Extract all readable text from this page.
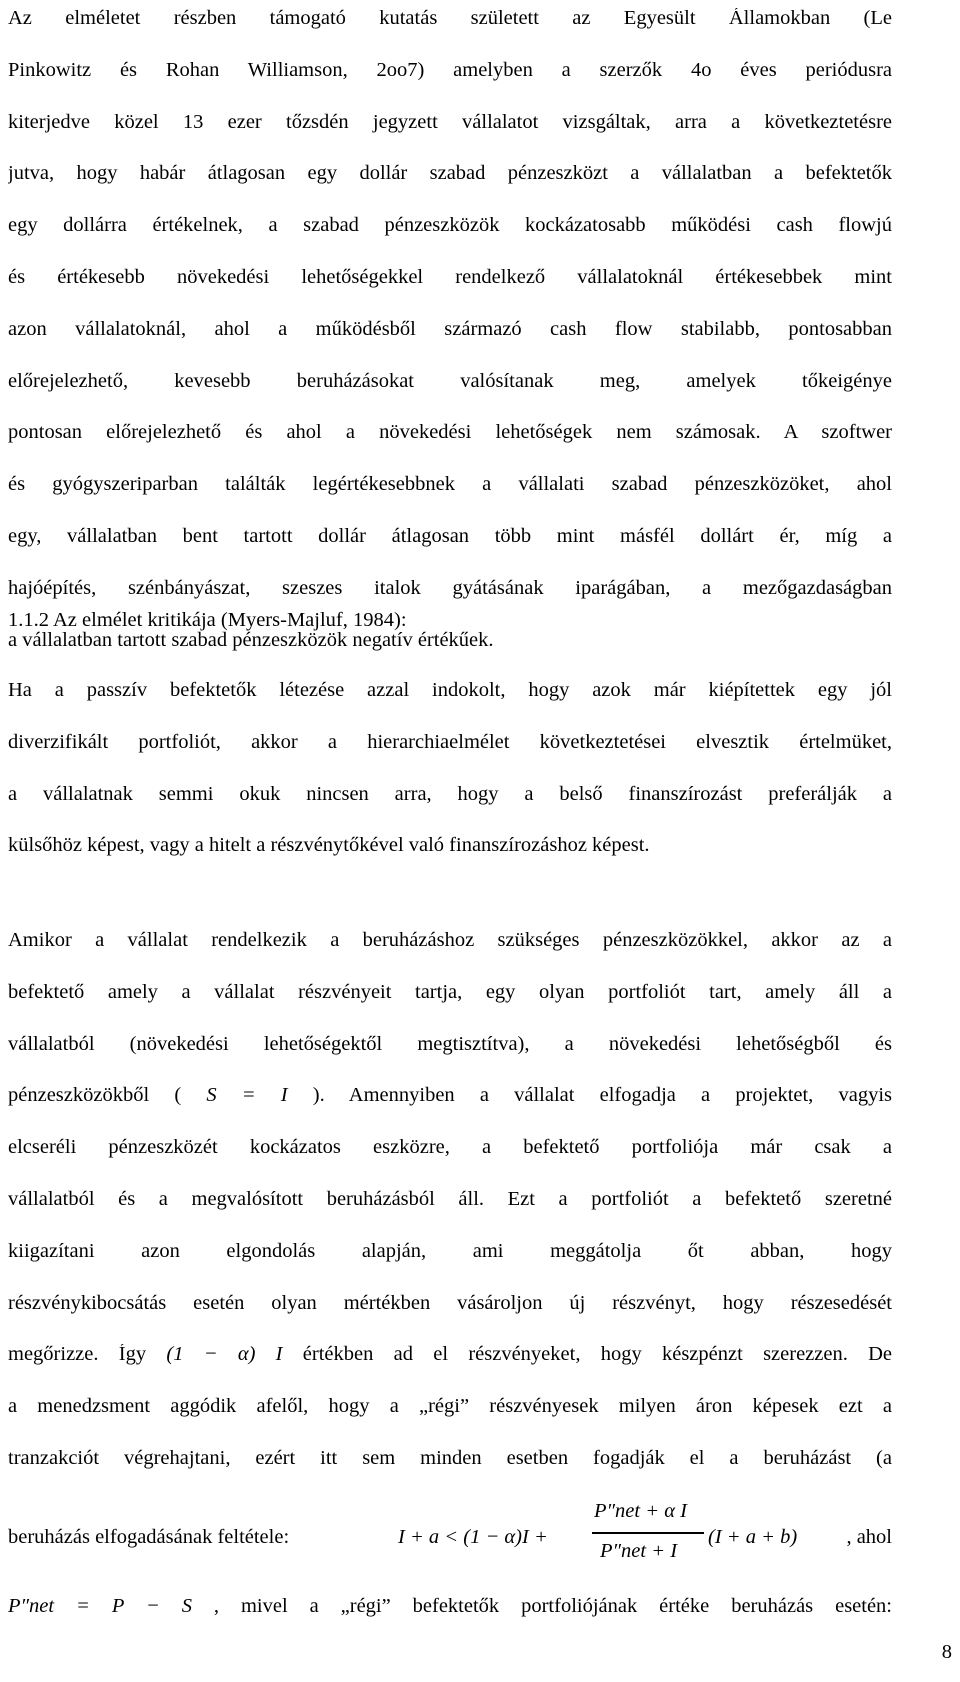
Az elméletet részben támogató kutatás született az Egyesült Államokban (Le
Pinkowitz és Rohan Williamson, 2oo7) amelyben a szerzők 4o éves periódusra
kiterjedve közel 13 ezer tőzsdén jegyzett vállalatot vizsgáltak, arra a következtetésre
jutva, hogy habár átlagosan egy dollár szabad pénzeszközt a vállalatban a befektetők
egy dollárra értékelnek, a szabad pénzeszközök kockázatosabb működési cash flowjú
és értékesebb növekedési lehetőségekkel rendelkező vállalatoknál értékesebbek mint
azon vállalatoknál, ahol a működésből származó cash flow stabilabb, pontosabban
előrejelezhető, kevesebb beruházásokat valósítanak meg, amelyek tőkeigénye
pontosan előrejelezhető és ahol a növekedési lehetőségek nem számosak. A szoftwer
és gyógyszeriparban találták legértékesebbnek a vállalati szabad pénzeszközöket, ahol
egy, vállalatban bent tartott dollár átlagosan több mint másfél dollárt ér, míg a
hajóépítés, szénbányászat, szeszes italok gyátásának iparágában, a mezőgazdaságban
a vállalatban tartott szabad pénzeszközök negatív értékűek.
1.1.2 Az elmélet kritikája (Myers-Majluf, 1984):
Ha a passzív befektetők létezése azzal indokolt, hogy azok már kiépítettek egy jól
diverzifikált portfoliót, akkor a hierarchiaelmélet következtetései elvesztik értelmüket,
a vállalatnak semmi okuk nincsen arra, hogy a belső finanszírozást preferálják a
külsőhöz képest, vagy a hitelt a részvénytőkével való finanszírozáshoz képest.
Amikor a vállalat rendelkezik a beruházáshoz szükséges pénzeszközökkel, akkor az a
befektető amely a vállalat részvényeit tartja, egy olyan portfoliót tart, amely áll a
vállalatból (növekedési lehetőségektől megtisztítva), a növekedési lehetőségből és
pénzeszközökből ( S = I ). Amennyiben a vállalat elfogadja a projektet, vagyis
elcseréli pénzeszközét kockázatos eszközre, a befektető portfoliója már csak a
vállalatból és a megvalósított beruházásból áll. Ezt a portfoliót a befektető szeretné
kiigazítani azon elgondolás alapján, ami meggátolja őt abban, hogy
részvénykibocsátás esetén olyan mértékben vásároljon új részvényt, hogy részesedését
megőrizze. Így (1 − α) I értékben ad el részvényeket, hogy készpénzt szerezzen. De
a menedzsment aggódik afelől, hogy a „régi” részvényesek milyen áron képesek ezt a
tranzakciót végrehajtani, ezért itt sem minden esetben fogadják el a beruházást (a
beruházás elfogadásának feltétele:	I + a < (1 − α)I +
P″net + α I
P″net + I
(I + a + b) , ahol
P″net = P − S , mivel a „régi” befektetők portfoliójának értéke beruházás esetén:
8
